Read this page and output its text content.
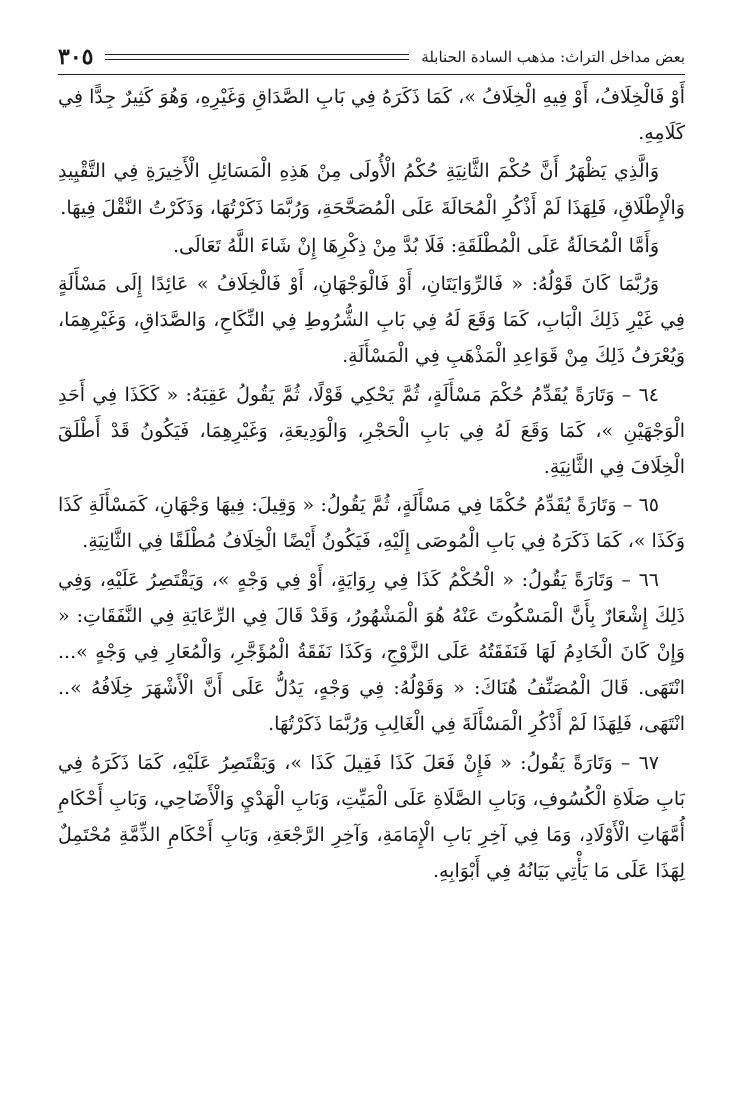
بعض مداخل التراث: مذهب السادة الحنابلة
٣٠٥

أَوْ فَالْخِلَافُ، أَوْ فِيهِ الْخِلَافُ »، كَمَا ذَكَرَهُ فِي بَابِ الصَّدَاقِ وَغَيْرِهِ، وَهُوَ كَثِيرٌ جِدًّا فِي كَلَامِهِ.

وَالَّذِي يَظْهَرُ أَنَّ حُكْمَ الثَّانِيَةِ حُكْمُ الْأُولَى مِنْ هَذِهِ الْمَسَائِلِ الْأَخِيرَةِ فِي التَّقْيِيدِ وَالْإِطْلَاقِ، فَلِهَذَا لَمْ أَذْكُرِ الْمُحَالَةَ عَلَى الْمُصَحَّحَةِ، وَرُبَّمَا ذَكَرْتُهَا، وَذَكَرْتُ النَّقْلَ فِيهَا.

وَأَمَّا الْمُحَالَةُ عَلَى الْمُطْلَقَةِ: فَلَا بُدَّ مِنْ ذِكْرِهَا إِنْ شَاءَ اللَّهُ تَعَالَى.

وَرُبَّمَا كَانَ قَوْلُهُ: « فَالرِّوَايَتَانِ، أَوْ فَالْوَجْهَانِ، أَوْ فَالْخِلَافُ » عَائِدًا إِلَى مَسْأَلَةٍ فِي غَيْرِ ذَلِكَ الْبَابِ، كَمَا وَقَعَ لَهُ فِي بَابِ الشُّرُوطِ فِي النِّكَاحِ، وَالصَّدَاقِ، وَغَيْرِهِمَا، وَيُعْرَفُ ذَلِكَ مِنْ قَوَاعِدِ الْمَذْهَبِ فِي الْمَسْأَلَةِ.

٦٤ – وَتَارَةً يُقَدِّمُ حُكْمَ مَسْأَلَةٍ، ثُمَّ يَحْكِي قَوْلًا، ثُمَّ يَقُولُ عَقِبَهُ: « كَكَذَا فِي أَحَدِ الْوَجْهَيْنِ »، كَمَا وَقَعَ لَهُ فِي بَابِ الْحَجْرِ، وَالْوَدِيعَةِ، وَغَيْرِهِمَا، فَيَكُونُ قَدْ أَطْلَقَ الْخِلَافَ فِي الثَّانِيَةِ.

٦٥ – وَتَارَةً يُقَدِّمُ حُكْمًا فِي مَسْأَلَةٍ، ثُمَّ يَقُولُ: « وَقِيلَ: فِيهَا وَجْهَانِ، كَمَسْأَلَةِ كَذَا وَكَذَا »، كَمَا ذَكَرَهُ فِي بَابِ الْمُوصَى إِلَيْهِ، فَيَكُونُ أَيْضًا الْخِلَافُ مُطْلَقًا فِي الثَّانِيَةِ.

٦٦ – وَتَارَةً يَقُولُ: « الْحُكْمُ كَذَا فِي رِوَايَةٍ، أَوْ فِي وَجْهٍ »، وَيَقْتَصِرُ عَلَيْهِ، وَفِي ذَلِكَ إِشْعَارٌ بِأَنَّ الْمَسْكُوتَ عَنْهُ هُوَ الْمَشْهُورُ، وَقَدْ قَالَ فِي الرِّعَايَةِ فِي النَّفَقَاتِ: « وَإِنْ كَانَ الْخَادِمُ لَهَا فَنَفَقَتُهُ عَلَى الزَّوْجِ، وَكَذَا نَفَقَةُ الْمُؤَجَّرِ، وَالْمُعَارِ فِي وَجْهٍ »... انْتَهَى. قَالَ الْمُصَنِّفُ هُنَاكَ: « وَقَوْلُهُ: فِي وَجْهٍ، يَدُلُّ عَلَى أَنَّ الْأَشْهَرَ خِلَافُهُ ».. انْتَهَى، فَلِهَذَا لَمْ أَذْكُرِ الْمَسْأَلَةَ فِي الْغَالِبِ وَرُبَّمَا ذَكَرْتُهَا.

٦٧ – وَتَارَةً يَقُولُ: « فَإِنْ فَعَلَ كَذَا فَقِيلَ كَذَا »، وَيَقْتَصِرُ عَلَيْهِ، كَمَا ذَكَرَهُ فِي بَابِ صَلَاةِ الْكُسُوفِ، وَبَابِ الصَّلَاةِ عَلَى الْمَيِّتِ، وَبَابِ الْهَدْيِ وَالْأَضَاحِي، وَبَابِ أَحْكَامِ أُمَّهَاتِ الْأَوْلَادِ، وَمَا فِي آخِرِ بَابِ الْإِمَامَةِ، وَآخِرِ الرَّجْعَةِ، وَبَابِ أَحْكَامِ الذِّمَّةِ مُحْتَمِلٌ لِهَذَا عَلَى مَا يَأْتِي بَيَانُهُ فِي أَبْوَابِهِ.
